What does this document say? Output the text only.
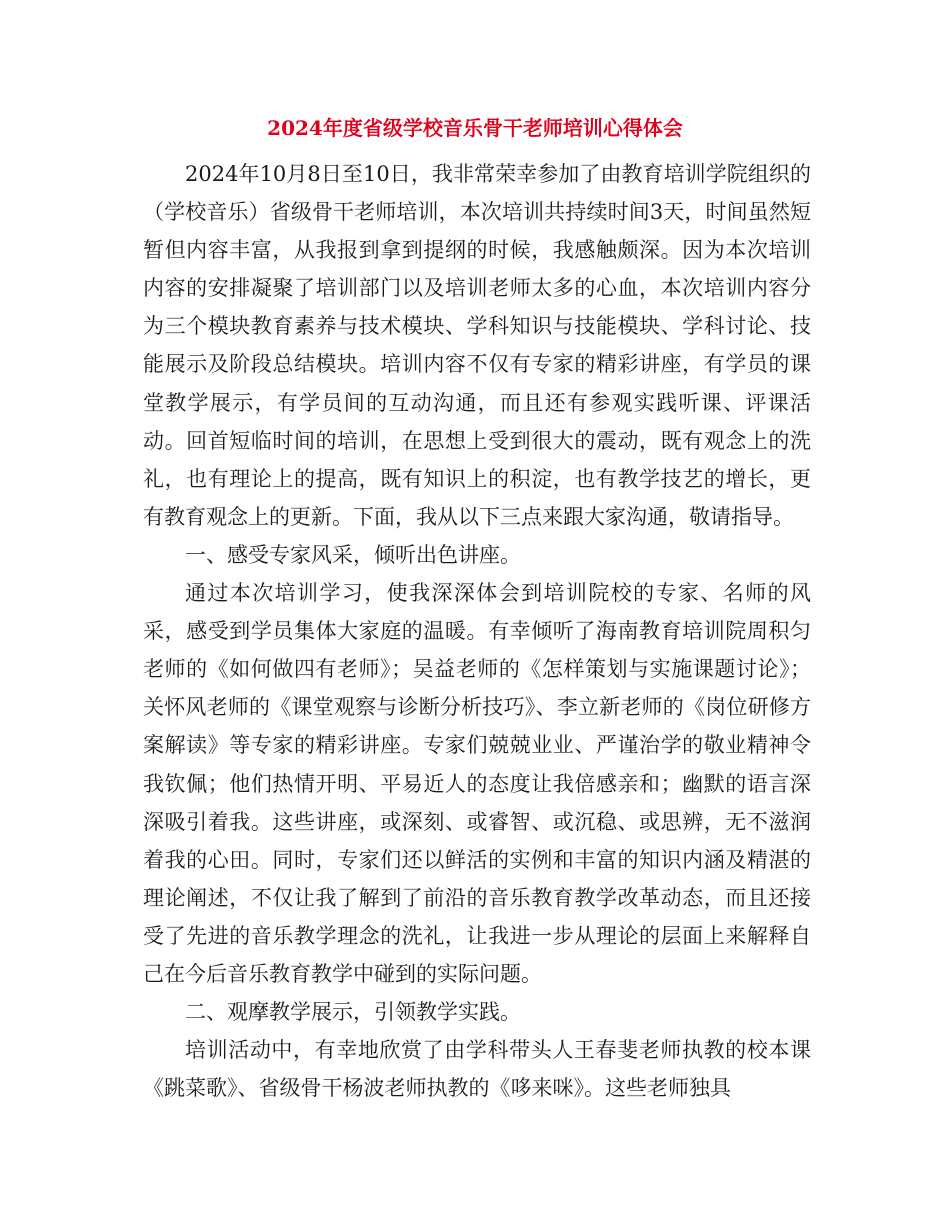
2024年度省级学校音乐骨干老师培训心得体会

2024年10月8日至10日，我非常荣幸参加了由教育培训学院组织的（学校音乐）省级骨干老师培训，本次培训共持续时间3天，时间虽然短暂但内容丰富，从我报到拿到提纲的时候，我感触颇深。因为本次培训内容的安排凝聚了培训部门以及培训老师太多的心血，本次培训内容分为三个模块教育素养与技术模块、学科知识与技能模块、学科讨论、技能展示及阶段总结模块。培训内容不仅有专家的精彩讲座，有学员的课堂教学展示，有学员间的互动沟通，而且还有参观实践听课、评课活动。回首短临时间的培训，在思想上受到很大的震动，既有观念上的洗礼，也有理论上的提高，既有知识上的积淀，也有教学技艺的增长，更有教育观念上的更新。下面，我从以下三点来跟大家沟通，敬请指导。

一、感受专家风采，倾听出色讲座。

通过本次培训学习，使我深深体会到培训院校的专家、名师的风采，感受到学员集体大家庭的温暖。有幸倾听了海南教育培训院周积匀老师的《如何做四有老师》；吴益老师的《怎样策划与实施课题讨论》；关怀风老师的《课堂观察与诊断分析技巧》、李立新老师的《岗位研修方案解读》等专家的精彩讲座。专家们兢兢业业、严谨治学的敬业精神令我钦佩；他们热情开明、平易近人的态度让我倍感亲和；幽默的语言深深吸引着我。这些讲座，或深刻、或睿智、或沉稳、或思辨，无不滋润着我的心田。同时，专家们还以鲜活的实例和丰富的知识内涵及精湛的理论阐述，不仅让我了解到了前沿的音乐教育教学改革动态，而且还接受了先进的音乐教学理念的洗礼，让我进一步从理论的层面上来解释自己在今后音乐教育教学中碰到的实际问题。

二、观摩教学展示，引领教学实践。

培训活动中，有幸地欣赏了由学科带头人王春斐老师执教的校本课《跳菜歌》、省级骨干杨波老师执教的《哆来咪》。这些老师独具
